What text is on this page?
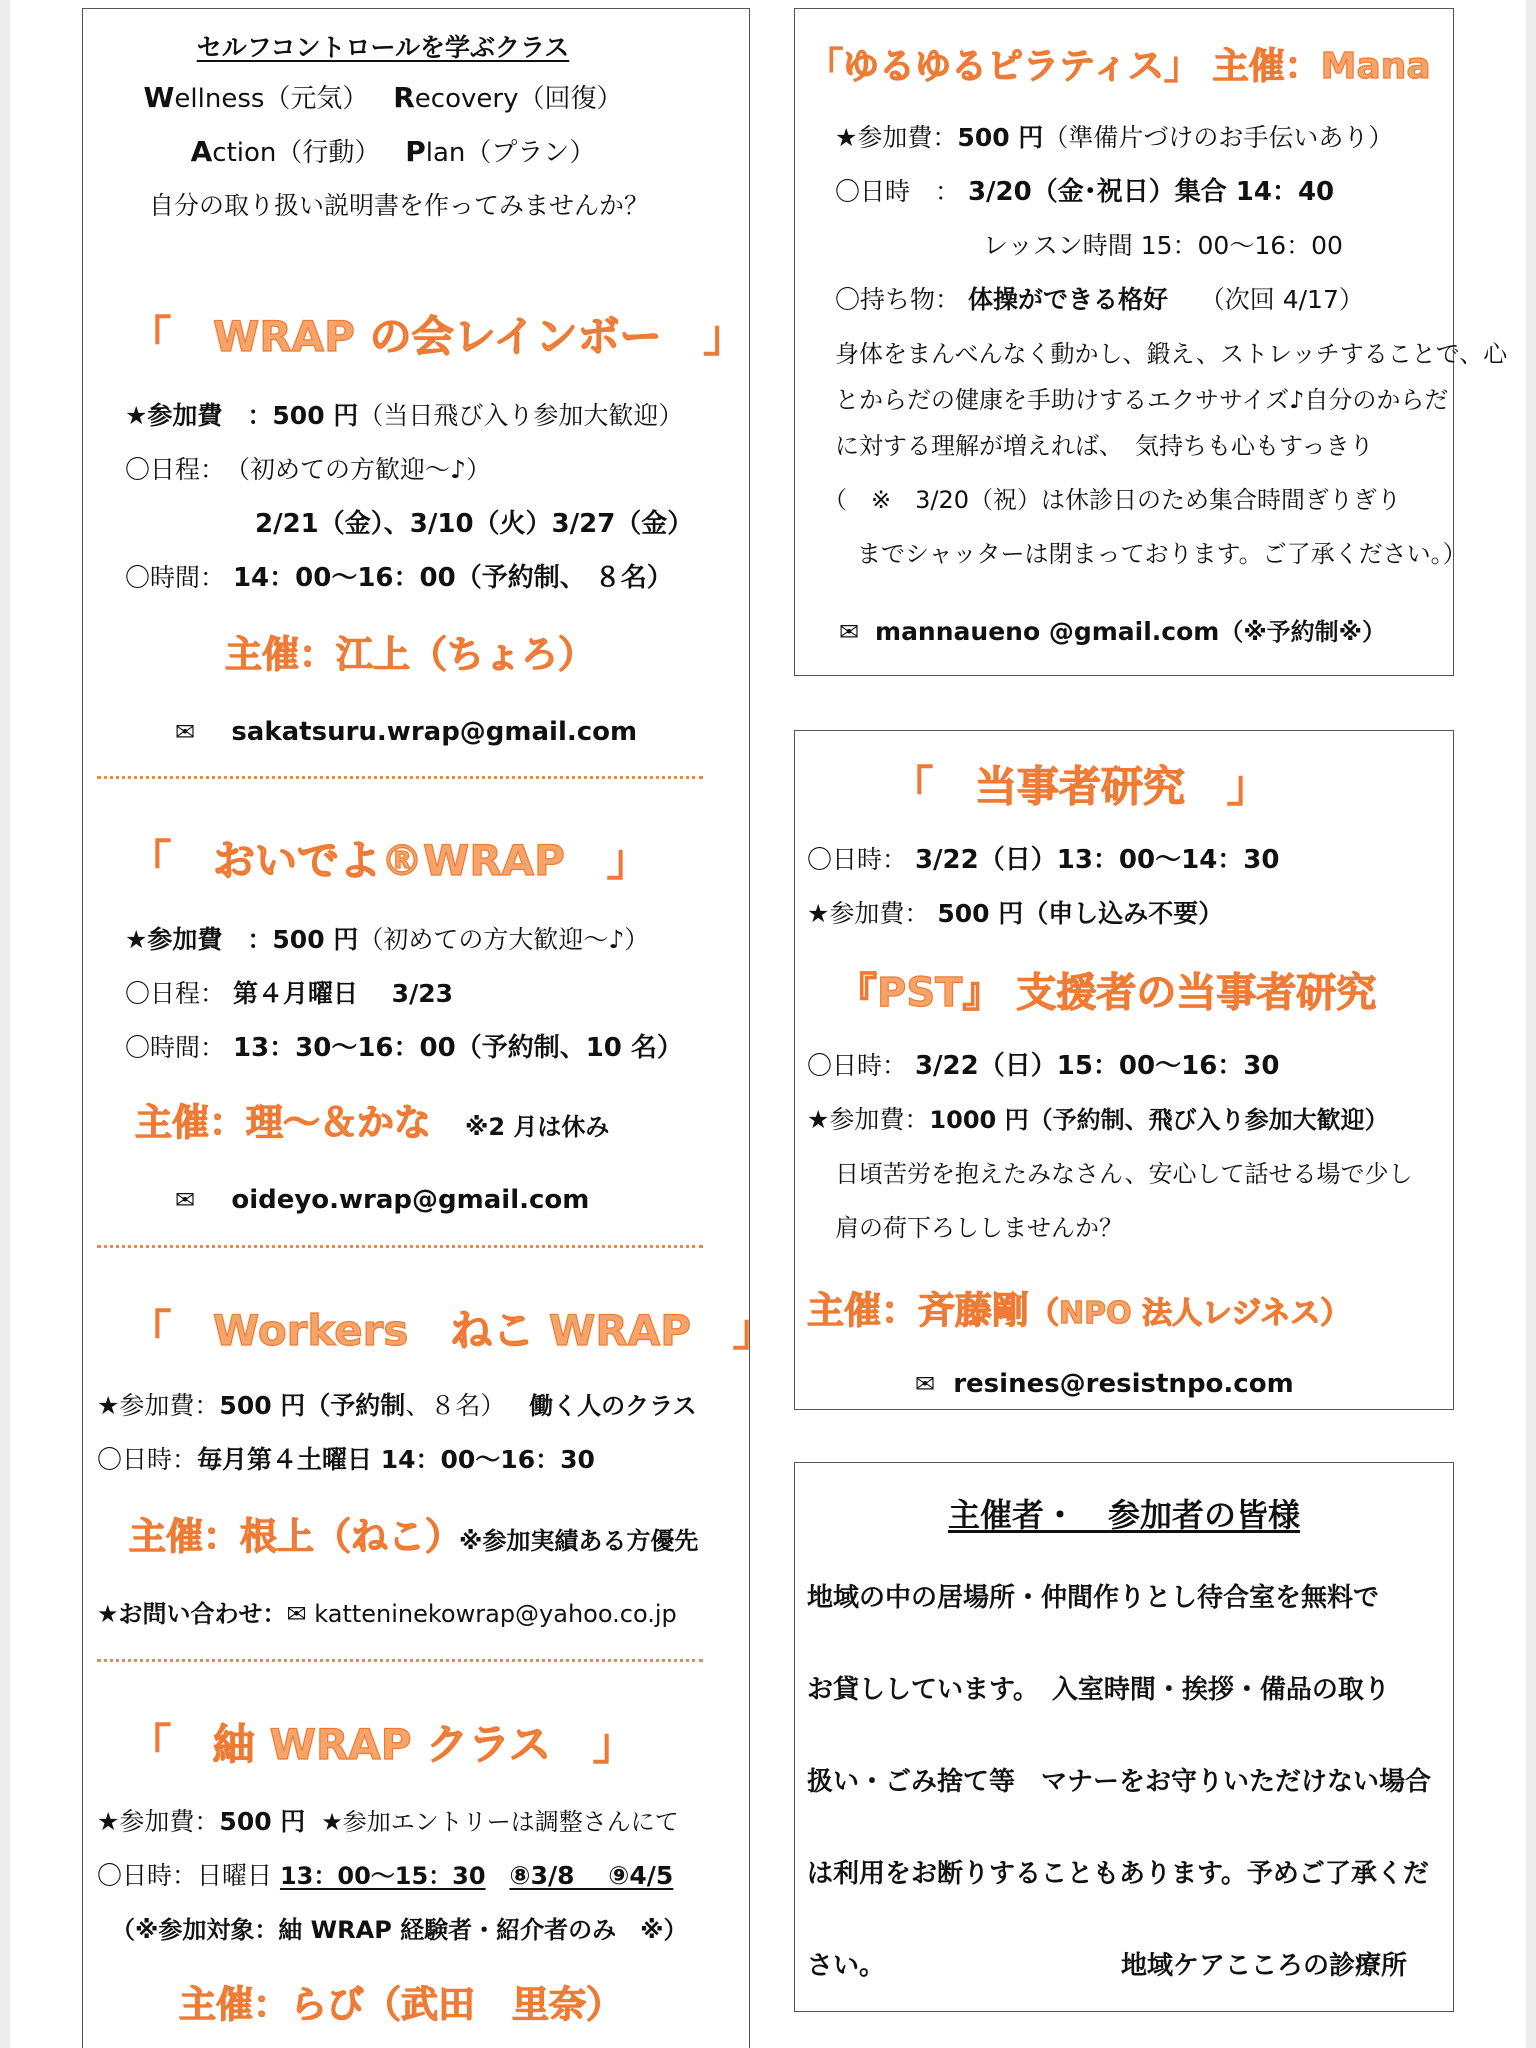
セルフコントロールを学ぶクラス
Wellness（元気） Recovery（回復）
Action（行動） Plan（プラン）
自分の取り扱い説明書を作ってみませんか？
「　WRAP の会レインボー　」
★参加費　：500 円（当日飛び入り参加大歓迎）
〇日程：　（初めての方歓迎～♪）
2/21（金）、3/10（火）3/27（金）
〇時間： 14：00～16：00（予約制、 ８名）
主催：江上（ちょろ）
✉ sakatsuru.wrap@gmail.com
「　おいでよ®WRAP　」
★参加費　：500 円（初めての方大歓迎～♪）
〇日程： 第４月曜日　 3/23
〇時間： 13：30～16：00（予約制、10 名）
主催：理～＆かな ※2 月は休み
✉ oideyo.wrap@gmail.com
「　Workers　ねこ WRAP　」
★参加費：500 円（予約制、８名） 働く人のクラス
〇日時：毎月第４土曜日 14：00～16：30
主催：根上（ねこ）※参加実績ある方優先
★お問い合わせ：✉ kattenine​kowrap@yahoo.co.jp
「　紬 WRAP クラス　」
★参加費：500 円 ★参加エントリーは調整さんにて
〇日時：日曜日 13：00～15：30 ⑧3/8　 ⑨4/5
（※参加対象：紬 WRAP 経験者・紹介者のみ　※）
主催：らび（武田　里奈）
「ゆるゆるピラティス」 主催：Mana
★参加費：500 円（準備片づけのお手伝いあり）
〇日時　： 3/20（金･祝日）集合 14：40
レッスン時間 15：00～16：00
〇持ち物： 体操ができる格好 （次回 4/17）
身体をまんべんなく動かし、鍛え、ストレッチすることで、心
とからだの健康を手助けするエクササイズ♪自分のからだ
に対する理解が増えれば、　気持ちも心もすっきり
（　※　3/20（祝）は休診日のため集合時間ぎりぎり
までシャッターは閉まっております。ご了承ください。）
✉ mannaueno @gmail.com（※予約制※）
「　当事者研究　」
〇日時： 3/22（日）13：00～14：30
★参加費： 500 円（申し込み不要）
『PST』 支援者の当事者研究
〇日時： 3/22（日）15：00～16：30
★参加費：1000 円（予約制、飛び入り参加大歓迎）
日頃苦労を抱えたみなさん、安心して話せる場で少し
肩の荷下ろししませんか？
主催：斉藤剛（NPO 法人レジネス）
✉ resines@resistnpo.com
主催者・　参加者の皆様
地域の中の居場所・仲間作りとし待合室を無料で
お貸ししています。　入室時間・挨拶・備品の取り
扱い・ごみ捨て等　マナーをお守りいただけない場合
は利用をお断りすることもあります。予めご了承くだ
さい。	地域ケアこころの診療所
